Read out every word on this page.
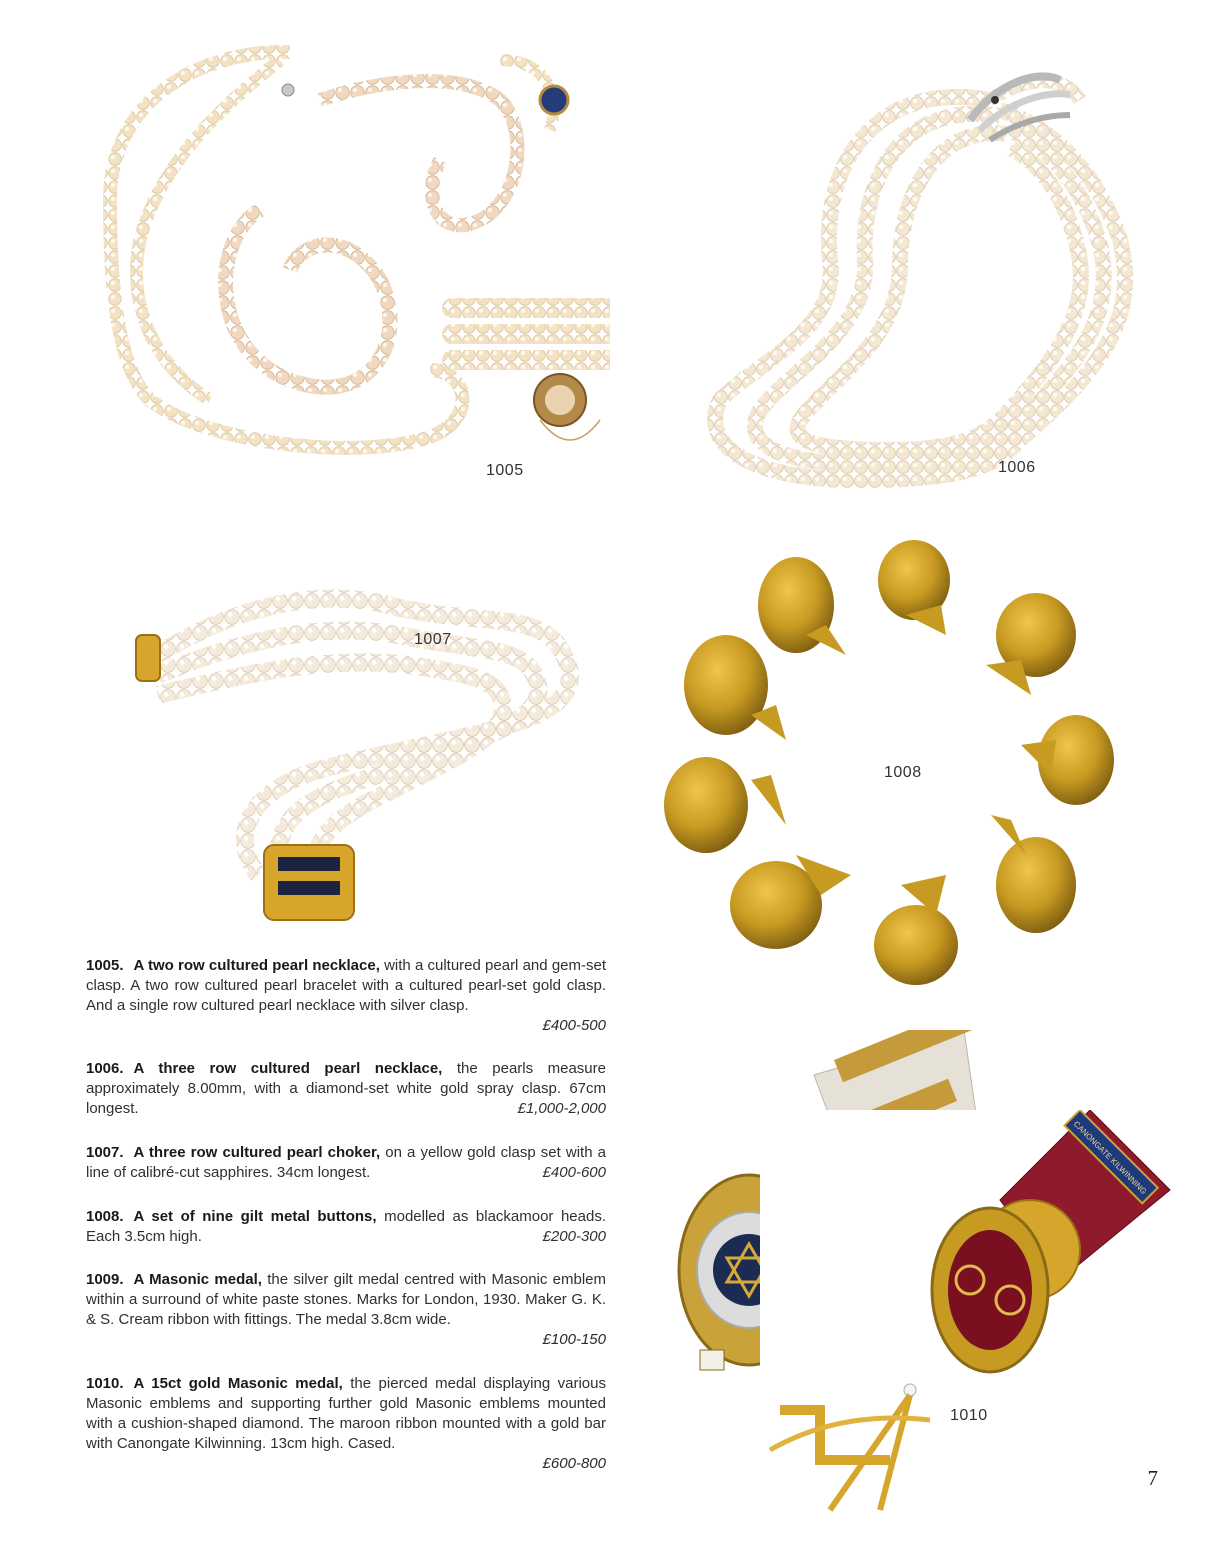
1005	1006
1007
1008
CANONGATE KILWINNING
1010

1005. A two row cultured pearl necklace, with a cultured pearl and gem-set clasp. A two row cultured pearl bracelet with a cultured pearl-set gold clasp. And a single row cultured pearl necklace with silver clasp.

£400-500

1006. A three row cultured pearl necklace, the pearls measure approximately 8.00mm, with a diamond-set white gold spray clasp. 67cm longest.	£1,000-2,000

1007. A three row cultured pearl choker, on a yellow gold clasp set with a line of calibré-cut sapphires. 34cm longest.	£400-600

1008. A set of nine gilt metal buttons, modelled as blackamoor heads. Each 3.5cm high.	£200-300

1009. A Masonic medal, the silver gilt medal centred with Masonic emblem within a surround of white paste stones. Marks for London, 1930. Maker G. K. & S. Cream ribbon with fittings. The medal 3.8cm wide.

£100-150

1010. A 15ct gold Masonic medal, the pierced medal displaying various Masonic emblems and supporting further gold Masonic emblems mounted with a cushion-shaped diamond. The maroon ribbon mounted with a gold bar with Canongate Kilwinning. 13cm high. Cased.

£600-800
7
